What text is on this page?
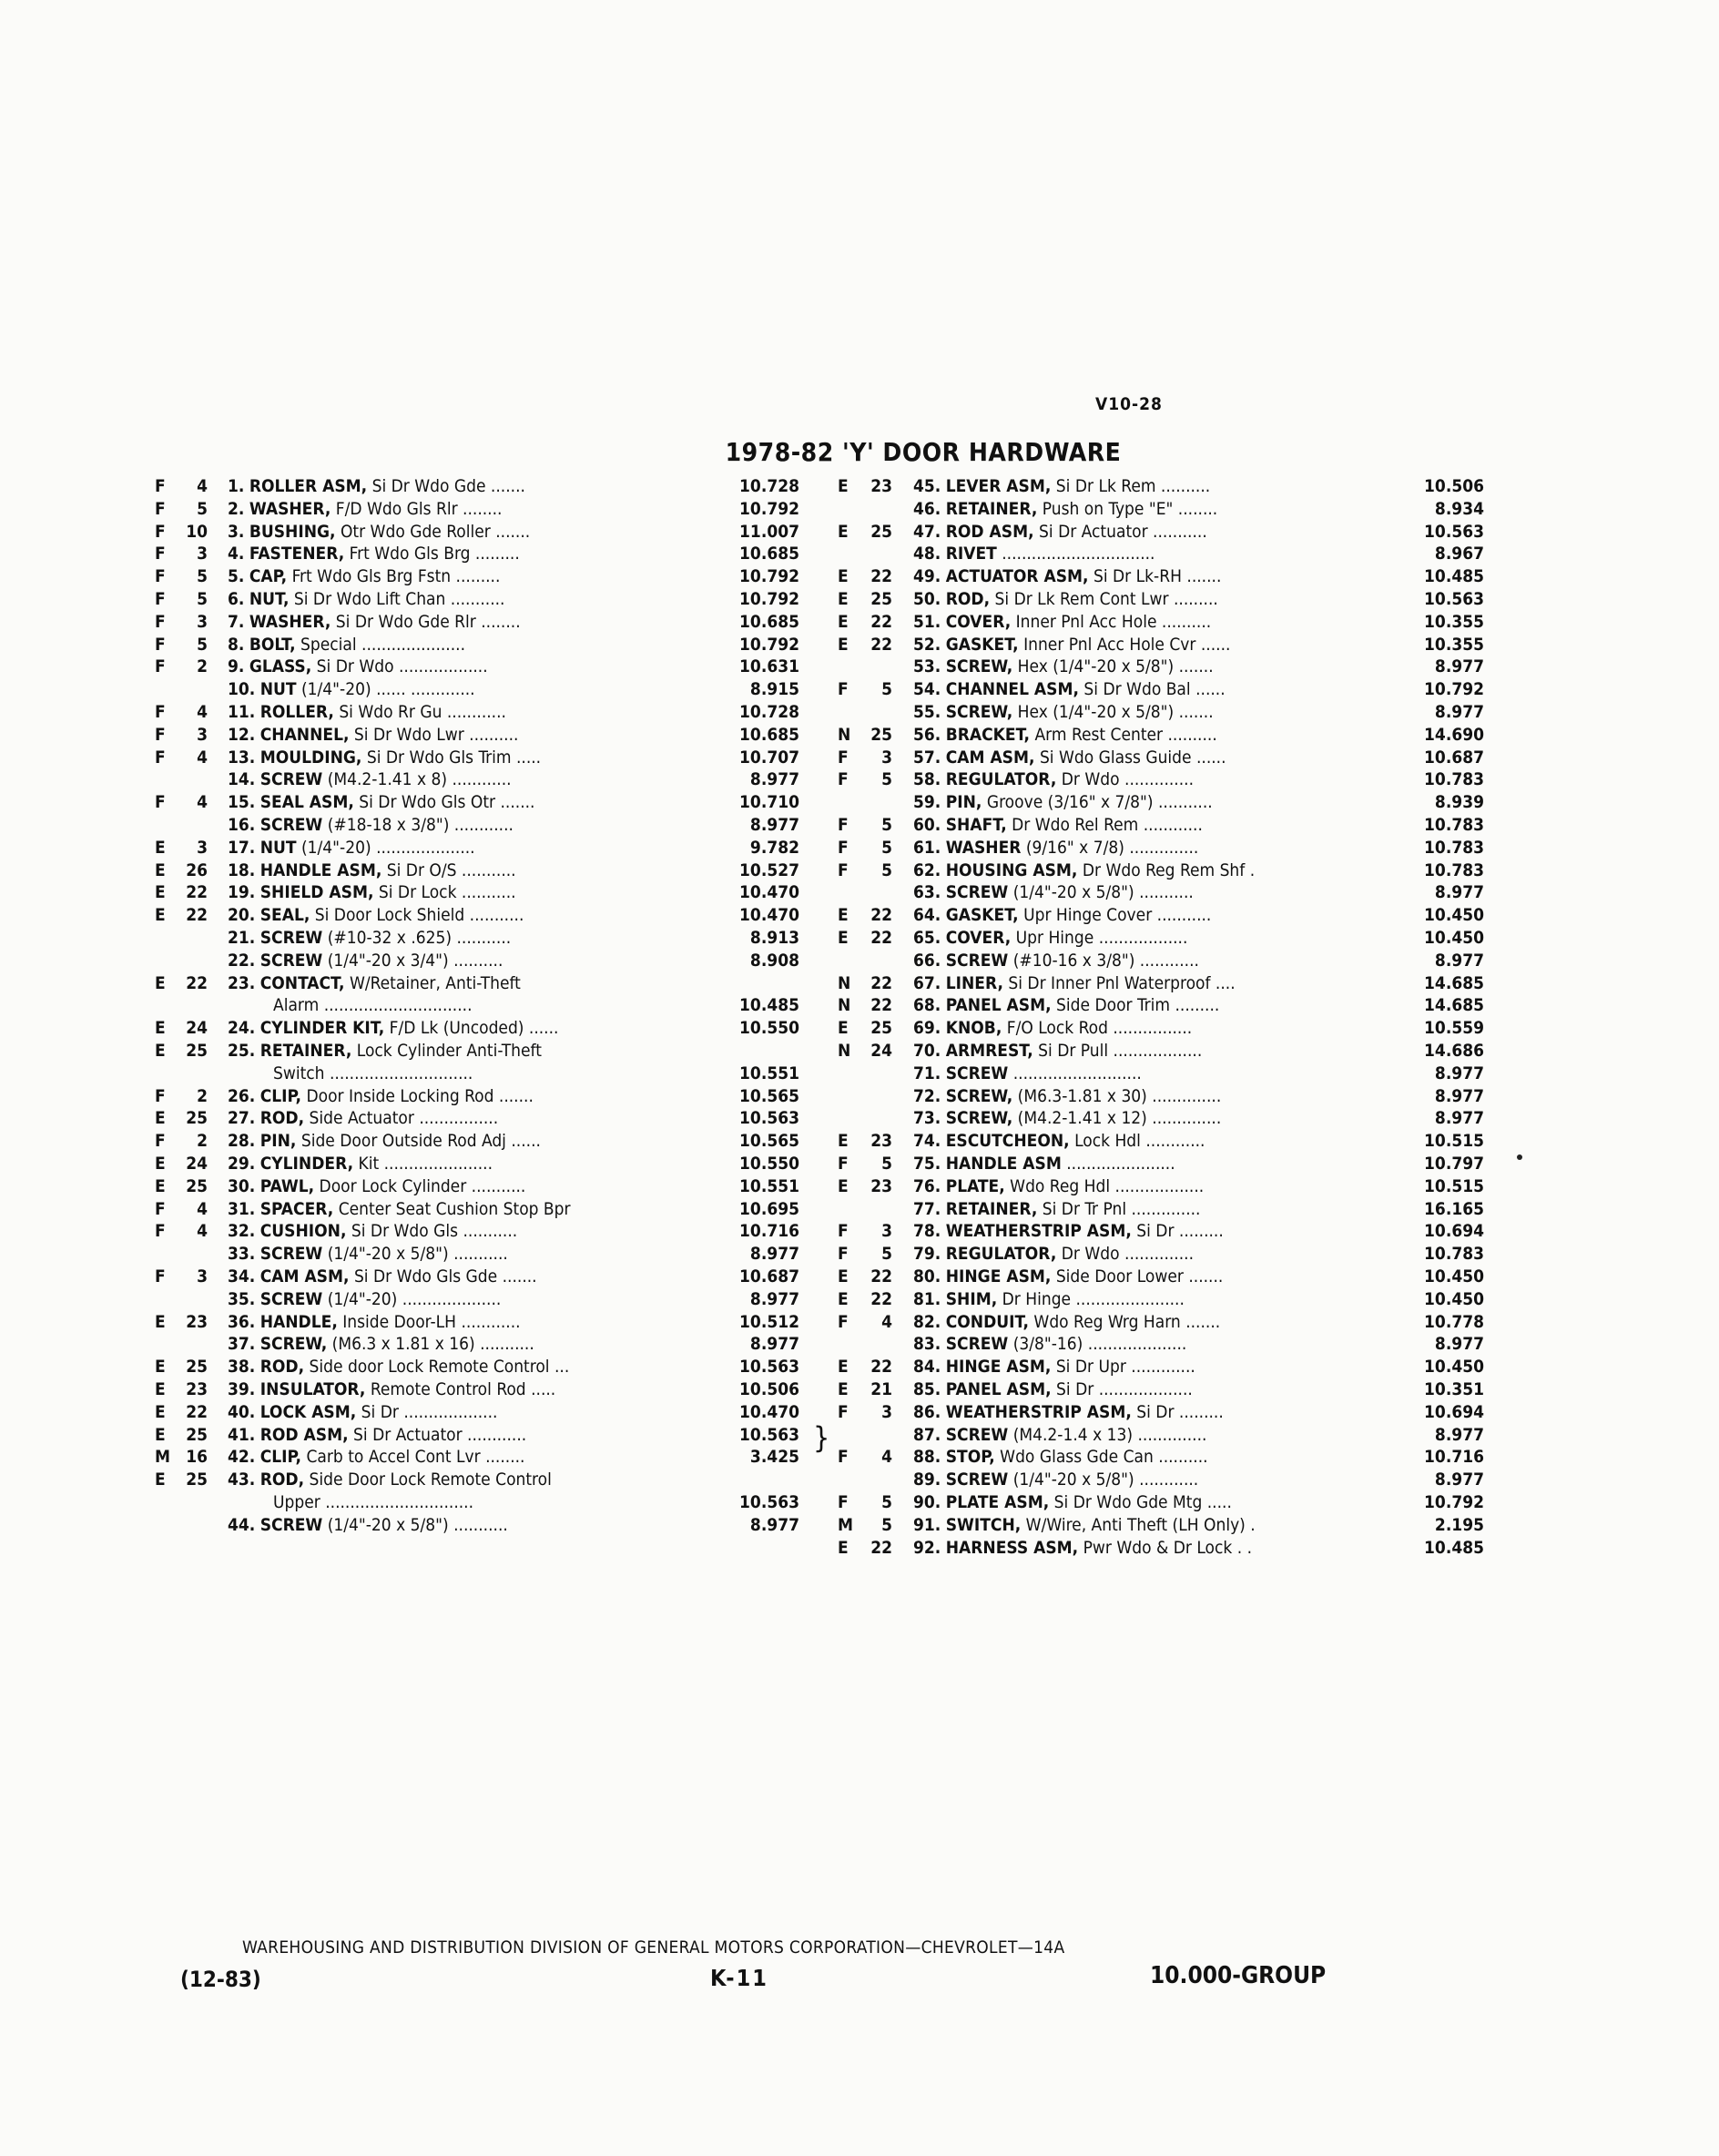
V10-28
1978-82 'Y' DOOR HARDWARE
F	4 1. ROLLER ASM, Si Dr Wdo Gde .......	10.728
F	5 2. WASHER, F/D Wdo Gls Rlr ........	10.792
F	10 3. BUSHING, Otr Wdo Gde Roller .......	11.007
F	3 4. FASTENER, Frt Wdo Gls Brg .........	10.685
F	5 5. CAP, Frt Wdo Gls Brg Fstn .........	10.792
F	5 6. NUT, Si Dr Wdo Lift Chan ...........	10.792
F	3 7. WASHER, Si Dr Wdo Gde Rlr ........	10.685
F	5 8. BOLT, Special .....................	10.792
F	2 9. GLASS, Si Dr Wdo ..................	10.631
10. NUT (1/4"-20) ...... .............	8.915
F	4 11. ROLLER, Si Wdo Rr Gu ............	10.728
F	3 12. CHANNEL, Si Dr Wdo Lwr ..........	10.685
F	4 13. MOULDING, Si Dr Wdo Gls Trim .....	10.707
14. SCREW (M4.2-1.41 x 8) ............	8.977
F	4 15. SEAL ASM, Si Dr Wdo Gls Otr .......	10.710
16. SCREW (#18-18 x 3/8") ............	8.977
E	3 17. NUT (1/4"-20) ....................	9.782
E	26 18. HANDLE ASM, Si Dr O/S ...........	10.527
E	22 19. SHIELD ASM, Si Dr Lock ...........	10.470
E	22 20. SEAL, Si Door Lock Shield ...........	10.470
21. SCREW (#10-32 x .625) ...........	8.913
22. SCREW (1/4"-20 x 3/4") ..........	8.908
E	22 23. CONTACT, W/Retainer, Anti-Theft
Alarm ..............................	10.485
E	24 24. CYLINDER KIT, F/D Lk (Uncoded) ......	10.550
E	25 25. RETAINER, Lock Cylinder Anti-Theft
Switch .............................	10.551
F	2 26. CLIP, Door Inside Locking Rod .......	10.565
E	25 27. ROD, Side Actuator ................	10.563
F	2 28. PIN, Side Door Outside Rod Adj ......	10.565
E	24 29. CYLINDER, Kit ......................	10.550
E	25 30. PAWL, Door Lock Cylinder ...........	10.551
F	4 31. SPACER, Center Seat Cushion Stop Bpr	10.695
F	4 32. CUSHION, Si Dr Wdo Gls ...........	10.716
33. SCREW (1/4"-20 x 5/8") ...........	8.977
F	3 34. CAM ASM, Si Dr Wdo Gls Gde .......	10.687
35. SCREW (1/4"-20) ....................	8.977
E	23 36. HANDLE, Inside Door-LH ............	10.512
37. SCREW, (M6.3 x 1.81 x 16) ...........	8.977
E	25 38. ROD, Side door Lock Remote Control ...	10.563
E	23 39. INSULATOR, Remote Control Rod .....	10.506
E	22 40. LOCK ASM, Si Dr ...................	10.470
E	25 41. ROD ASM, Si Dr Actuator ............	10.563
M 16 42. CLIP, Carb to Accel Cont Lvr ........	3.425
E	25 43. ROD, Side Door Lock Remote Control
Upper ..............................	10.563
44. SCREW (1/4"-20 x 5/8") ...........	8.977
E	23 45. LEVER ASM, Si Dr Lk Rem ..........	10.506
46. RETAINER, Push on Type "E" ........	8.934
E	25 47. ROD ASM, Si Dr Actuator ...........	10.563
48. RIVET ...............................	8.967
E	22 49. ACTUATOR ASM, Si Dr Lk-RH .......	10.485
E	25 50. ROD, Si Dr Lk Rem Cont Lwr .........	10.563
E	22 51. COVER, Inner Pnl Acc Hole ..........	10.355
E	22 52. GASKET, Inner Pnl Acc Hole Cvr ......	10.355
53. SCREW, Hex (1/4"-20 x 5/8") .......	8.977
F	5 54. CHANNEL ASM, Si Dr Wdo Bal ......	10.792
55. SCREW, Hex (1/4"-20 x 5/8") .......	8.977
N	25 56. BRACKET, Arm Rest Center ..........	14.690
F	3 57. CAM ASM, Si Wdo Glass Guide ......	10.687
F	5 58. REGULATOR, Dr Wdo ..............	10.783
59. PIN, Groove (3/16" x 7/8") ...........	8.939
F	5 60. SHAFT, Dr Wdo Rel Rem ............	10.783
F	5 61. WASHER (9/16" x 7/8) ..............	10.783
F	5 62. HOUSING ASM, Dr Wdo Reg Rem Shf .	10.783
63. SCREW (1/4"-20 x 5/8") ...........	8.977
E	22 64. GASKET, Upr Hinge Cover ...........	10.450
E	22 65. COVER, Upr Hinge ..................	10.450
66. SCREW (#10-16 x 3/8") ............	8.977
N	22 67. LINER, Si Dr Inner Pnl Waterproof ....	14.685
N	22 68. PANEL ASM, Side Door Trim .........	14.685
E	25 69. KNOB, F/O Lock Rod ................	10.559
N	24 70. ARMREST, Si Dr Pull ..................	14.686
71. SCREW ..........................	8.977
72. SCREW, (M6.3-1.81 x 30) ..............	8.977
73. SCREW, (M4.2-1.41 x 12) ..............	8.977
E	23 74. ESCUTCHEON, Lock Hdl ............	10.515
F	5 75. HANDLE ASM ......................	10.797
E	23 76. PLATE, Wdo Reg Hdl ..................	10.515
77. RETAINER, Si Dr Tr Pnl ..............	16.165
F	3 78. WEATHERSTRIP ASM, Si Dr .........	10.694
F	5 79. REGULATOR, Dr Wdo ..............	10.783
E	22 80. HINGE ASM, Side Door Lower .......	10.450
E	22 81. SHIM, Dr Hinge ......................	10.450
F	4 82. CONDUIT, Wdo Reg Wrg Harn .......	10.778
83. SCREW (3/8"-16) ....................	8.977
E	22 84. HINGE ASM, Si Dr Upr .............	10.450
E	21 85. PANEL ASM, Si Dr ...................	10.351
F	3 86. WEATHERSTRIP ASM, Si Dr .........	10.694
87. SCREW (M4.2-1.4 x 13) ..............	8.977
F	4 88. STOP, Wdo Glass Gde Can ..........	10.716
89. SCREW (1/4"-20 x 5/8") ............	8.977
F	5 90. PLATE ASM, Si Dr Wdo Gde Mtg .....	10.792
M	5 91. SWITCH, W/Wire, Anti Theft (LH Only) .	2.195
E	22 92. HARNESS ASM, Pwr Wdo & Dr Lock . .	10.485
}
WAREHOUSING AND DISTRIBUTION DIVISION OF GENERAL MOTORS CORPORATION—CHEVROLET—14A
(12-83)	K-11	10.000-GROUP
